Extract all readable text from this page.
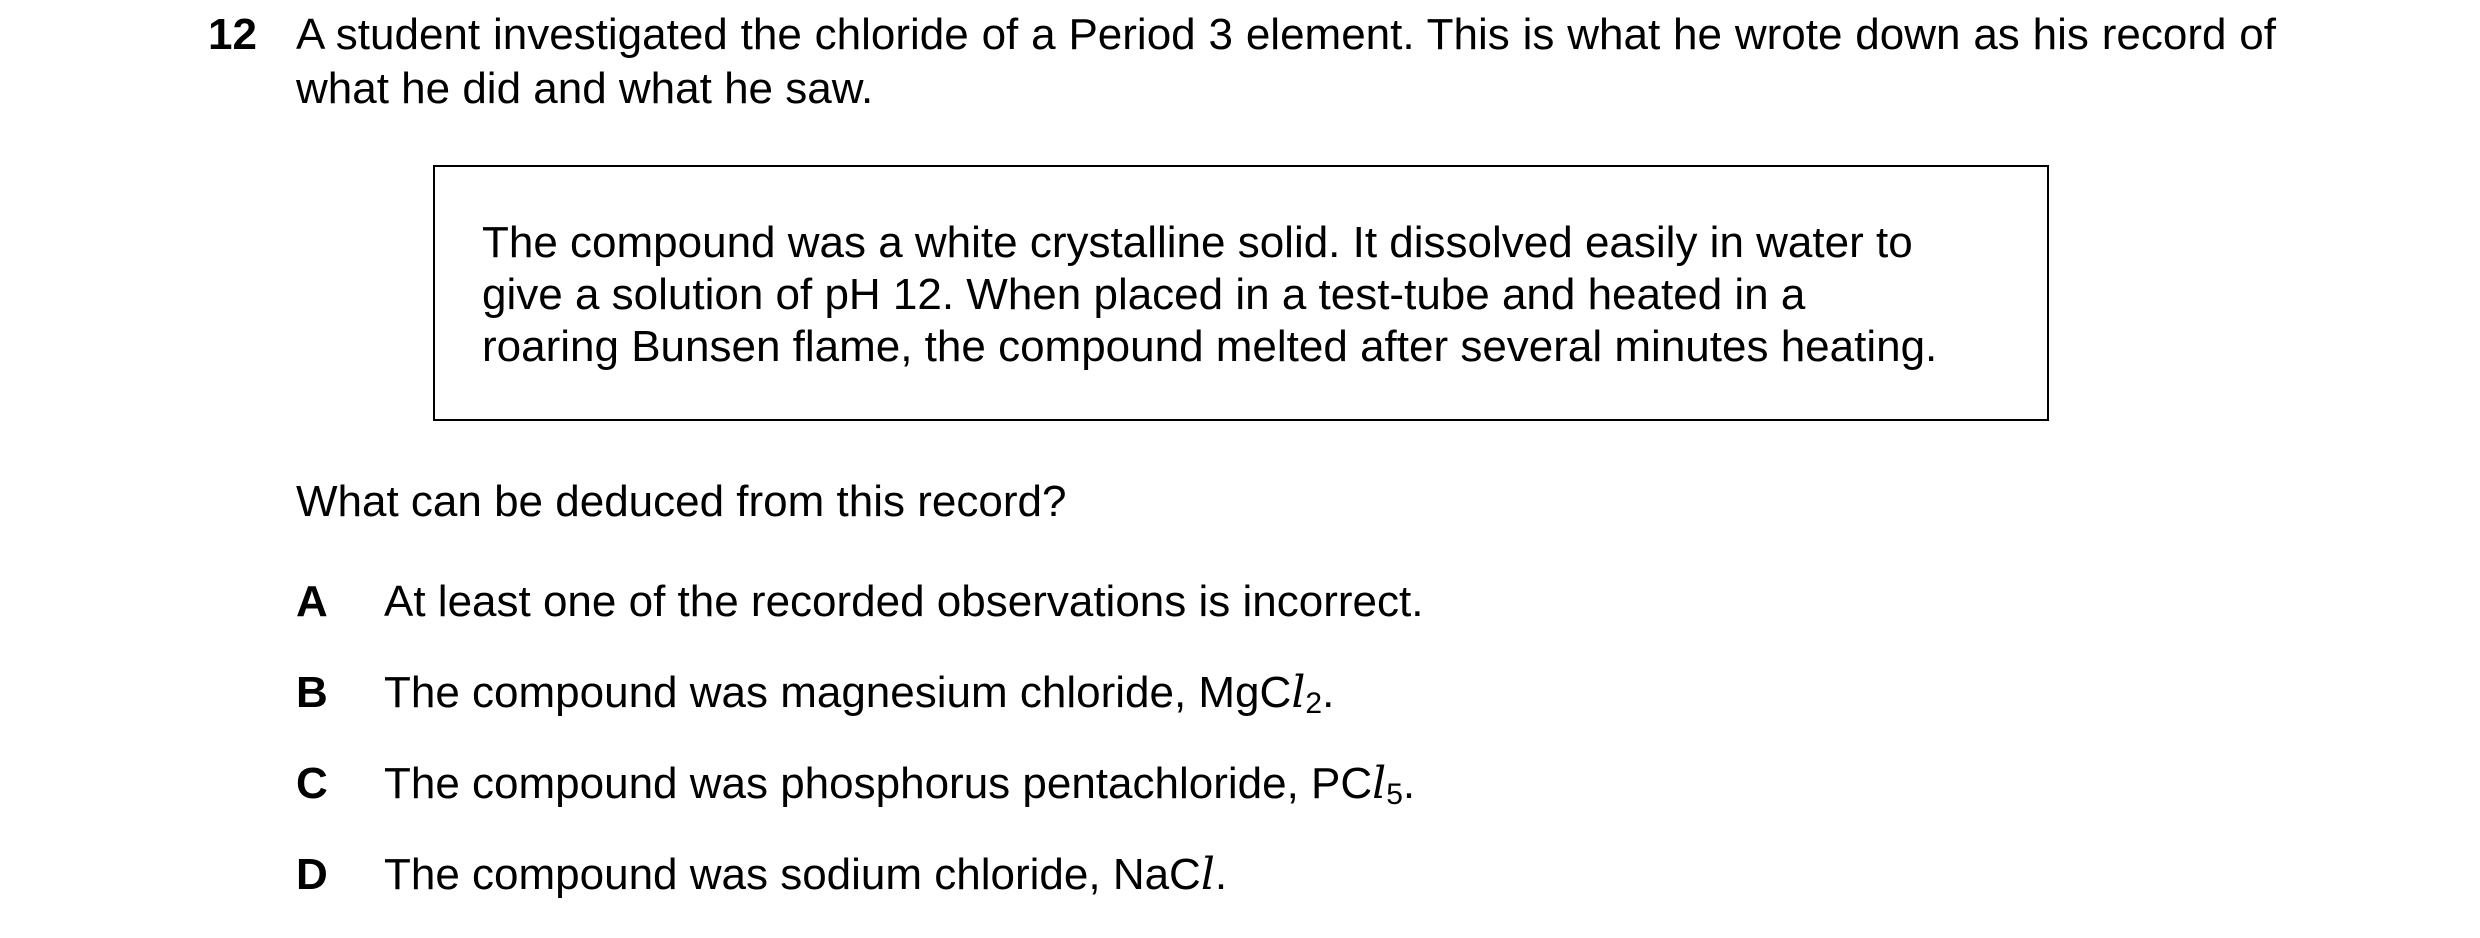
12 A student investigated the chloride of a Period 3 element. This is what he wrote down as his record of what he did and what he saw.
The compound was a white crystalline solid. It dissolved easily in water to
give a solution of pH 12. When placed in a test-tube and heated in a
roaring Bunsen flame, the compound melted after several minutes heating.
What can be deduced from this record?
A At least one of the recorded observations is incorrect.
B The compound was magnesium chloride, MgCl$_2$.
C The compound was phosphorus pentachloride, PCl$_5$.
D The compound was sodium chloride, NaCl.
